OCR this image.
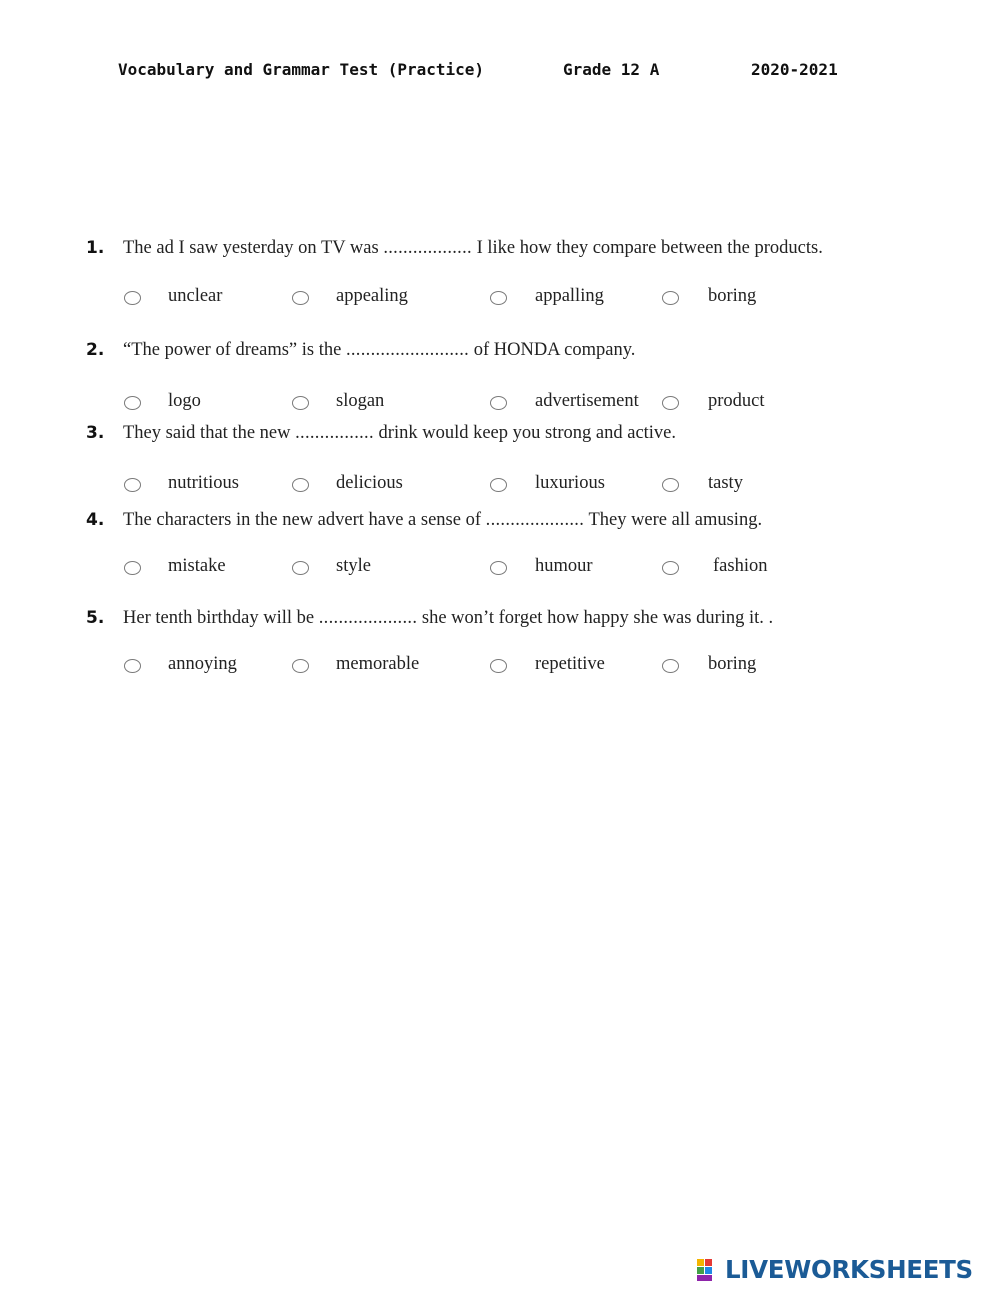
Vocabulary and Grammar Test (Practice)	Grade 12 A	2020-2021
1. The ad I saw yesterday on TV was .................. I like how they compare between the products.
unclear	appealing	appalling	boring
2. “The power of dreams” is the ......................... of HONDA company.
logo	slogan	advertisement	product
3. They said that the new ................ drink would keep you strong and active.
nutritious	delicious	luxurious	tasty
4. The characters in the new advert have a sense of .................... They were all amusing.
mistake	style	humour	fashion
5. Her tenth birthday will be .................... she won’t forget how happy she was during it. .
annoying	memorable	repetitive	boring
LIVEWORKSHEETS
